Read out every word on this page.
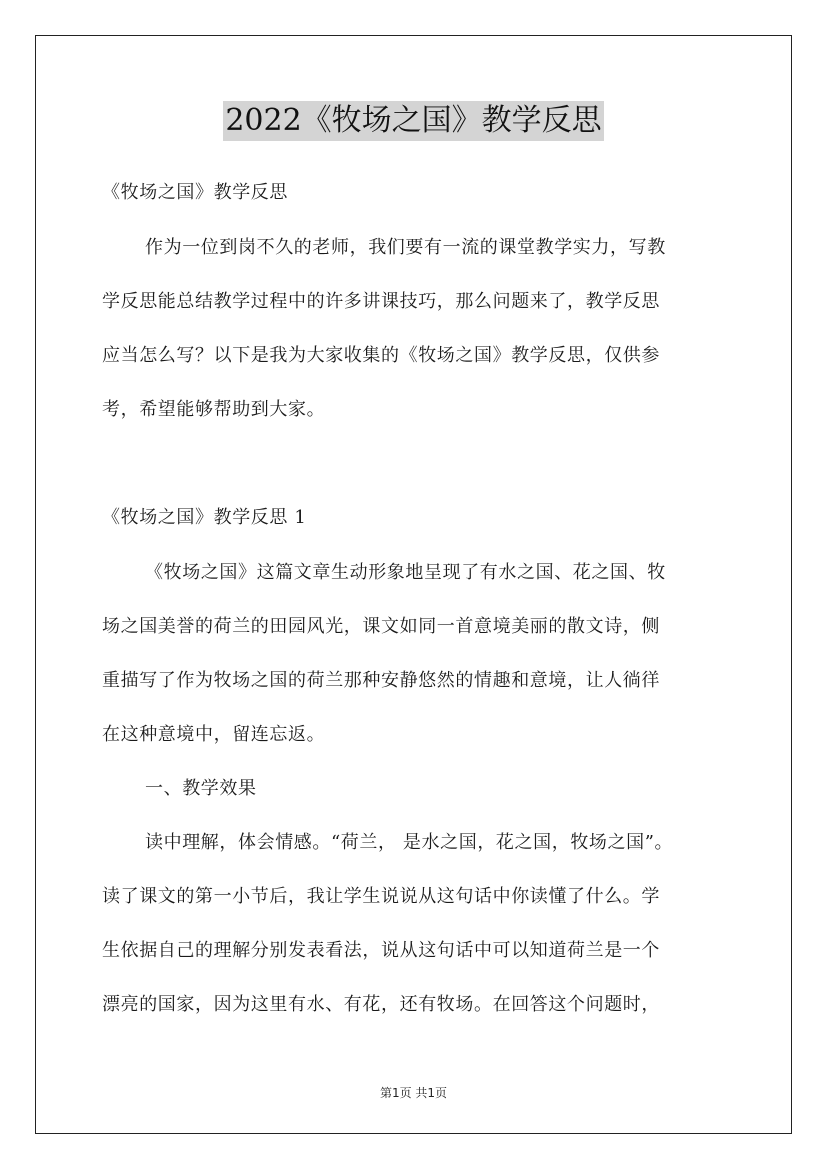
2022《牧场之国》教学反思
《牧场之国》教学反思
作为一位到岗不久的老师，我们要有一流的课堂教学实力，写教
学反思能总结教学过程中的许多讲课技巧，那么问题来了，教学反思
应当怎么写？以下是我为大家收集的《牧场之国》教学反思，仅供参
考，希望能够帮助到大家。
《牧场之国》教学反思 1
《牧场之国》这篇文章生动形象地呈现了有水之国、花之国、牧
场之国美誉的荷兰的田园风光，课文如同一首意境美丽的散文诗，侧
重描写了作为牧场之国的荷兰那种安静悠然的情趣和意境，让人徜徉
在这种意境中，留连忘返。
一、教学效果
读中理解，体会情感。“荷兰， 是水之国，花之国，牧场之国”。
读了课文的第一小节后，我让学生说说从这句话中你读懂了什么。学
生依据自己的理解分别发表看法，说从这句话中可以知道荷兰是一个
漂亮的国家，因为这里有水、有花，还有牧场。在回答这个问题时，
第1页 共1页
